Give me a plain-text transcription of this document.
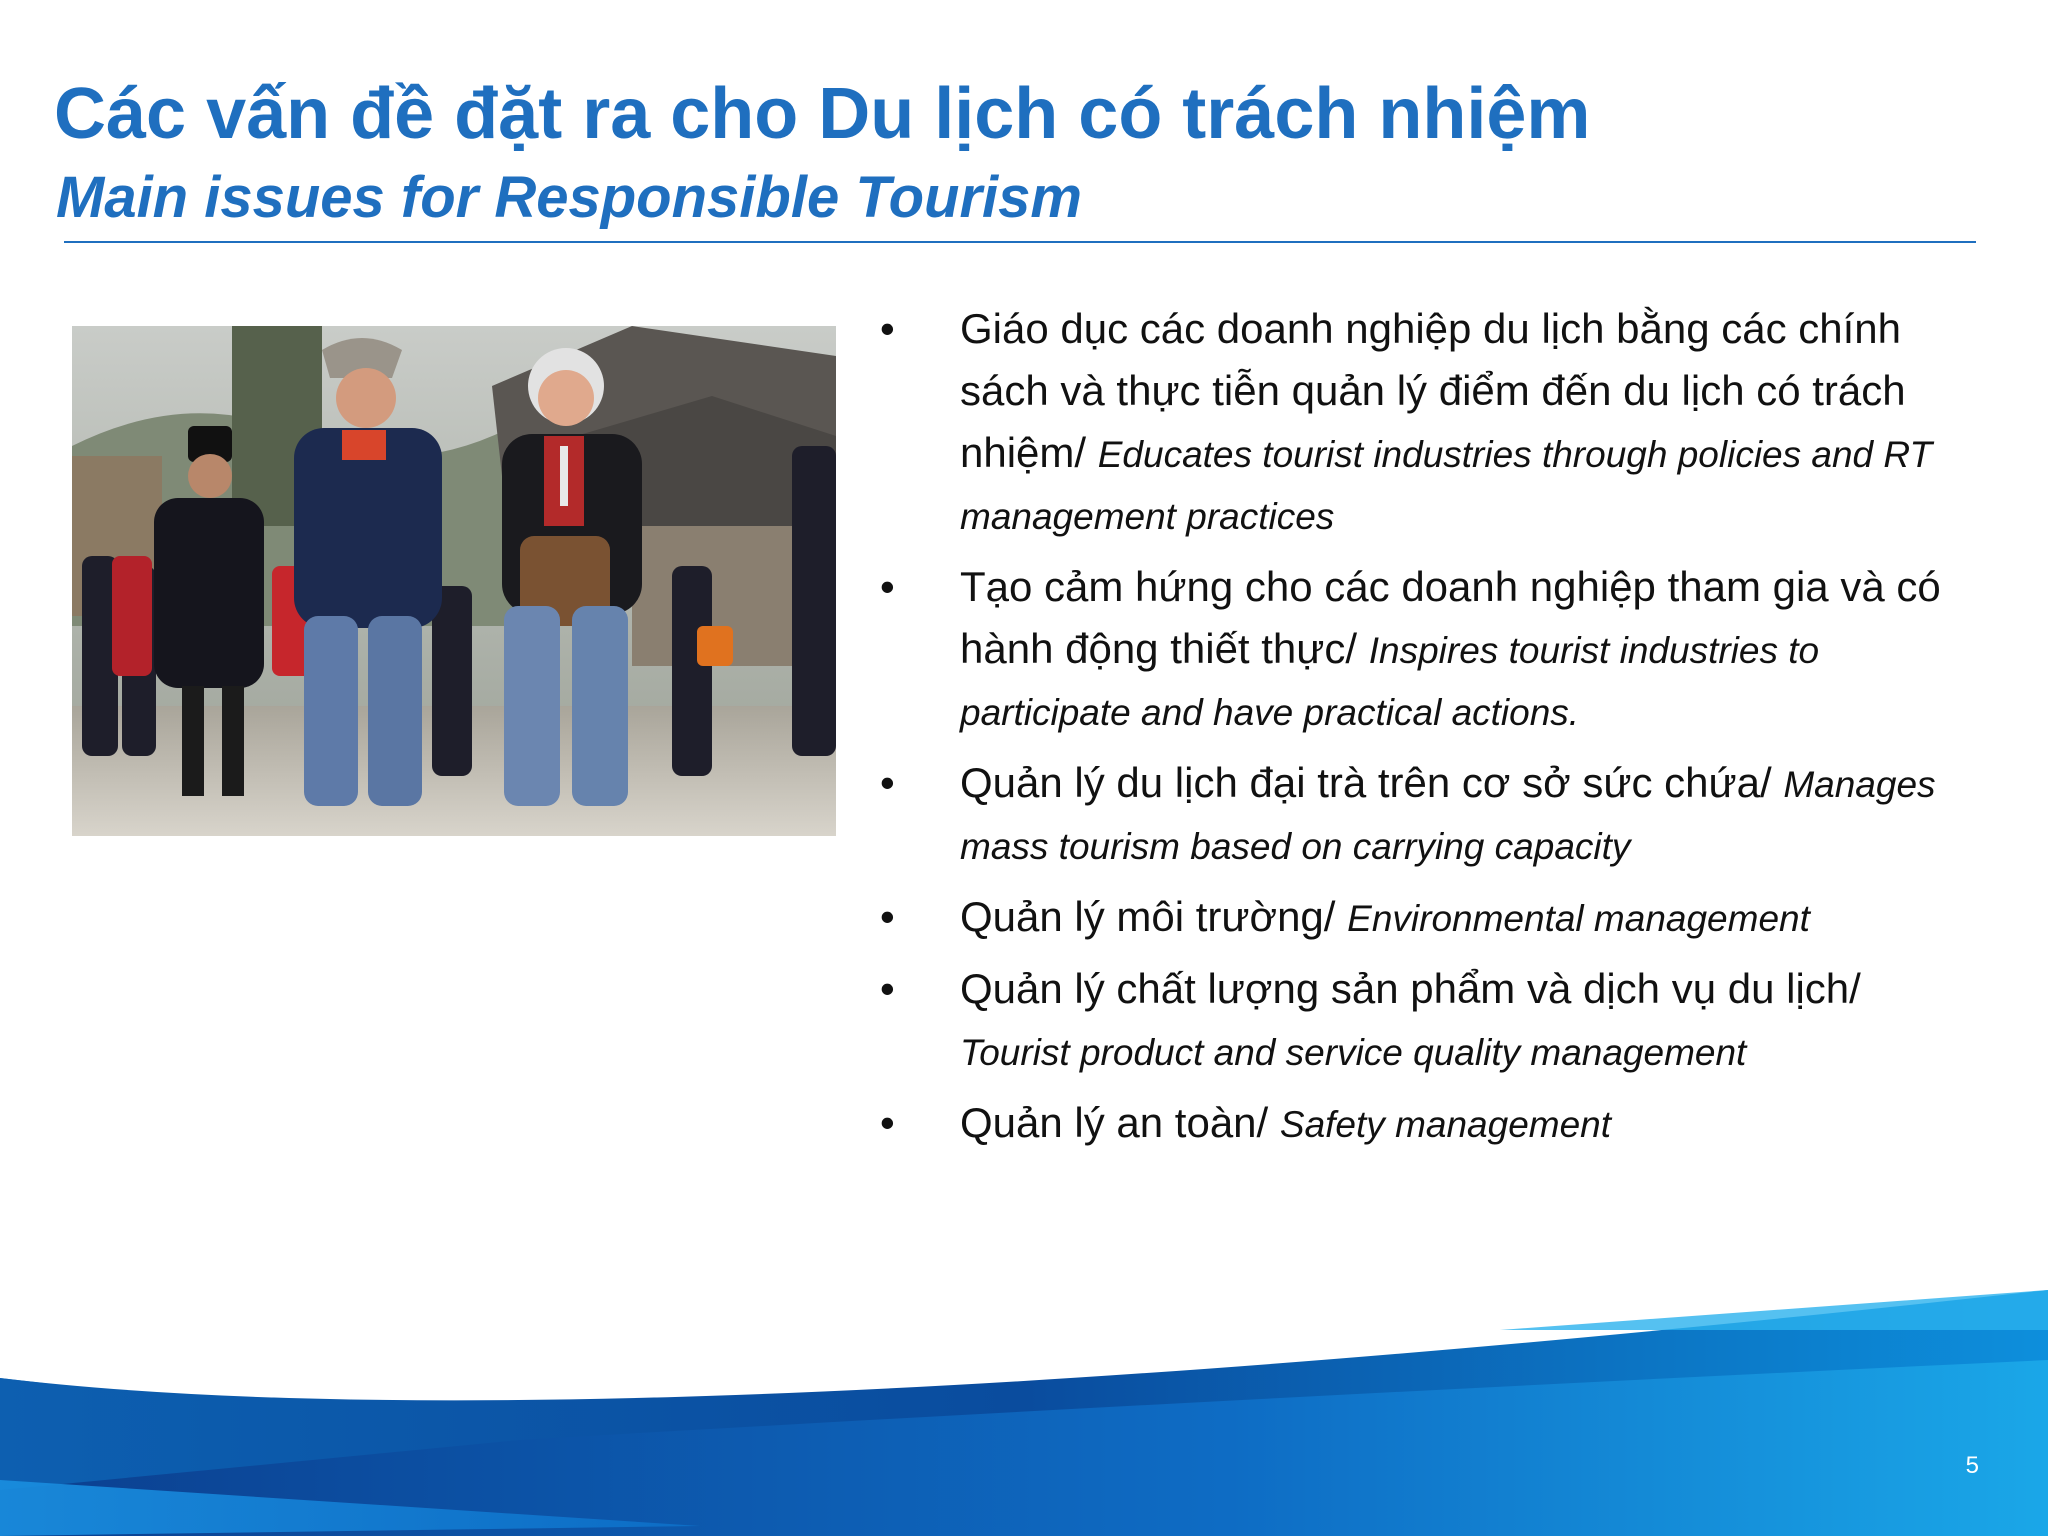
Các vấn đề đặt ra cho Du lịch có trách nhiệm
Main issues for Responsible Tourism
• Giáo dục các doanh nghiệp du lịch bằng các chính sách và thực tiễn quản lý điểm đến du lịch có trách nhiệm/ Educates tourist industries through policies and RT management practices
• Tạo cảm hứng cho các doanh nghiệp tham gia và có hành động thiết thực/ Inspires tourist industries to participate and have practical actions.
• Quản lý du lịch đại trà trên cơ sở sức chứa/ Manages mass tourism based on carrying capacity
• Quản lý môi trường/ Environmental management
• Quản lý chất lượng sản phẩm và dịch vụ du lịch/ Tourist product and service quality management
• Quản lý an toàn/ Safety management
5
